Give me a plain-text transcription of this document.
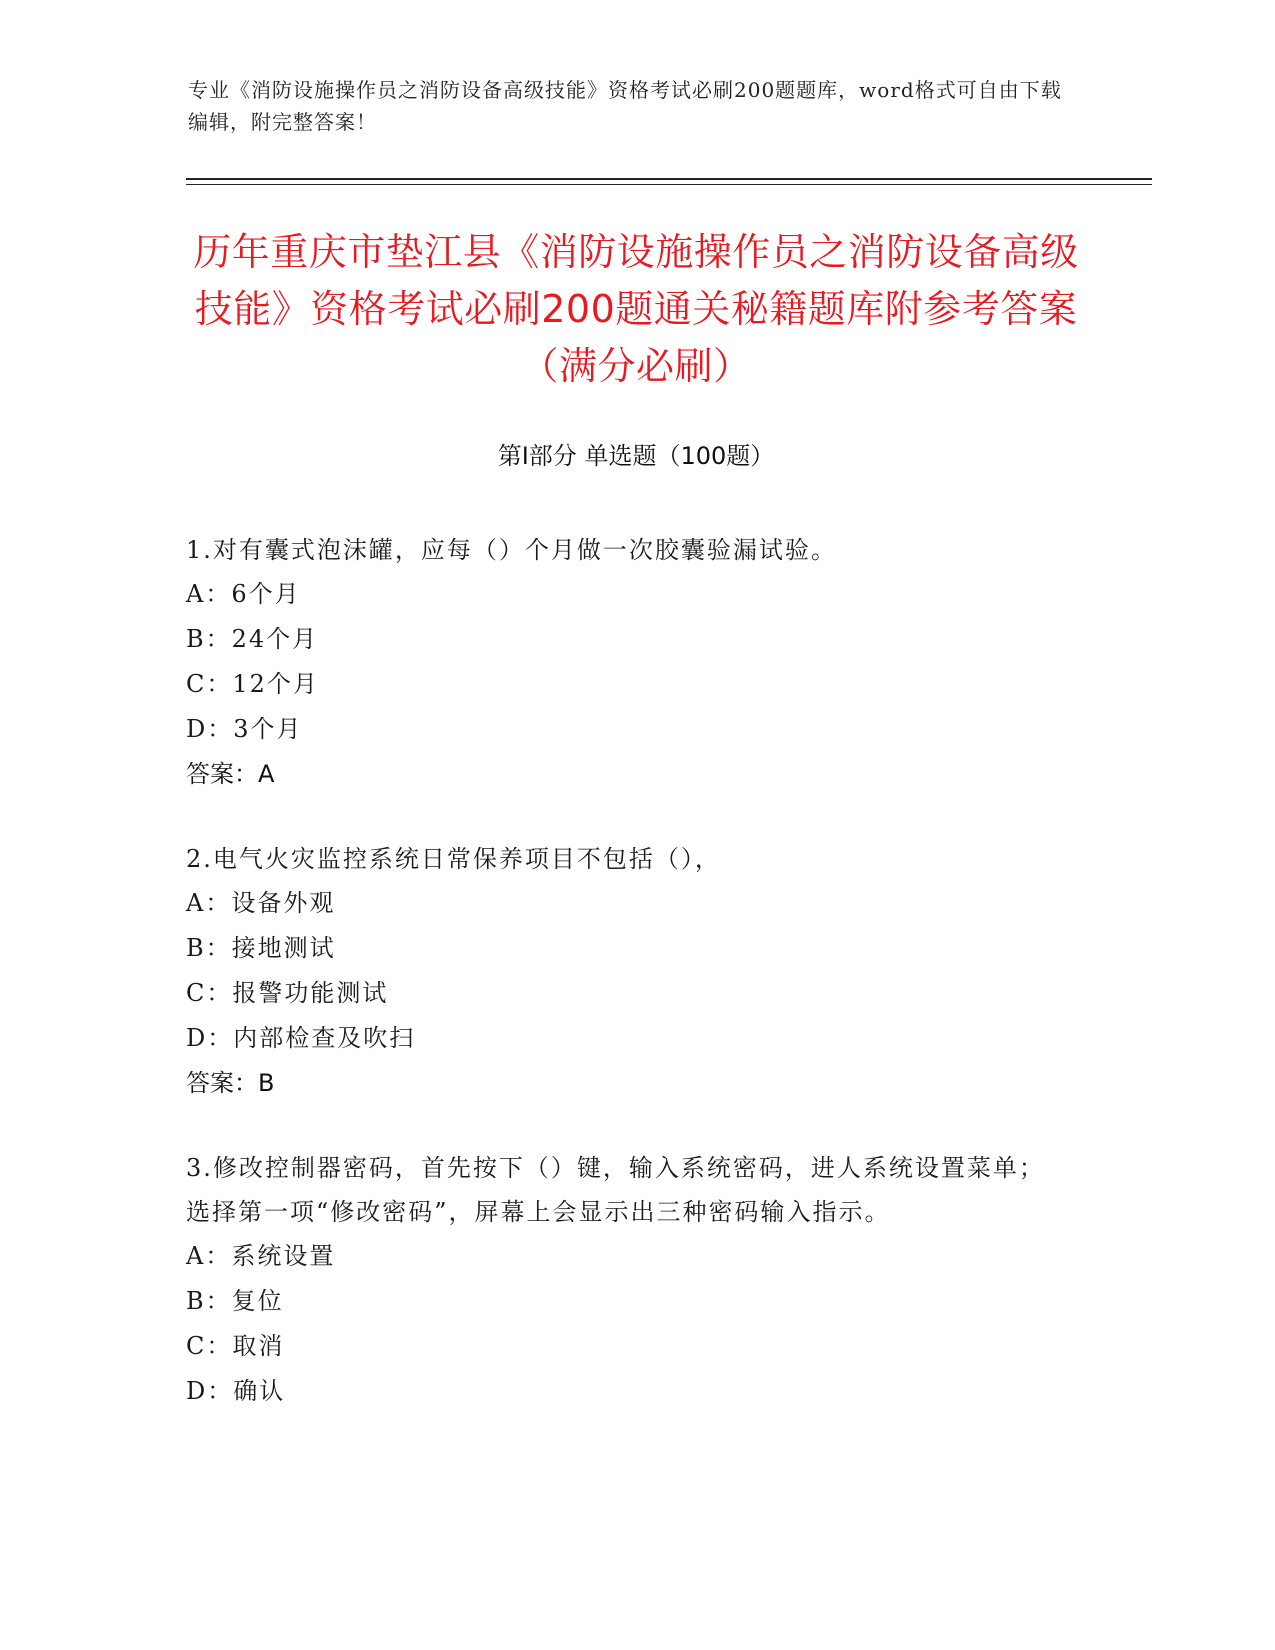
专业《消防设施操作员之消防设备高级技能》资格考试必刷200题题库，word格式可自由下载编辑，附完整答案！
历年重庆市垫江县《消防设施操作员之消防设备高级技能》资格考试必刷200题通关秘籍题库附参考答案（满分必刷）
第Ⅰ部分 单选题（100题）
1.对有囊式泡沫罐，应每（）个月做一次胶囊验漏试验。
A：6个月
B：24个月
C：12个月
D：3个月
答案：A
2.电气火灾监控系统日常保养项目不包括（），
A：设备外观
B：接地测试
C：报警功能测试
D：内部检查及吹扫
答案：B
3.修改控制器密码，首先按下（）键，输入系统密码，进人系统设置菜单；选择第一项“修改密码”，屏幕上会显示出三种密码输入指示。
A：系统设置
B：复位
C：取消
D：确认
